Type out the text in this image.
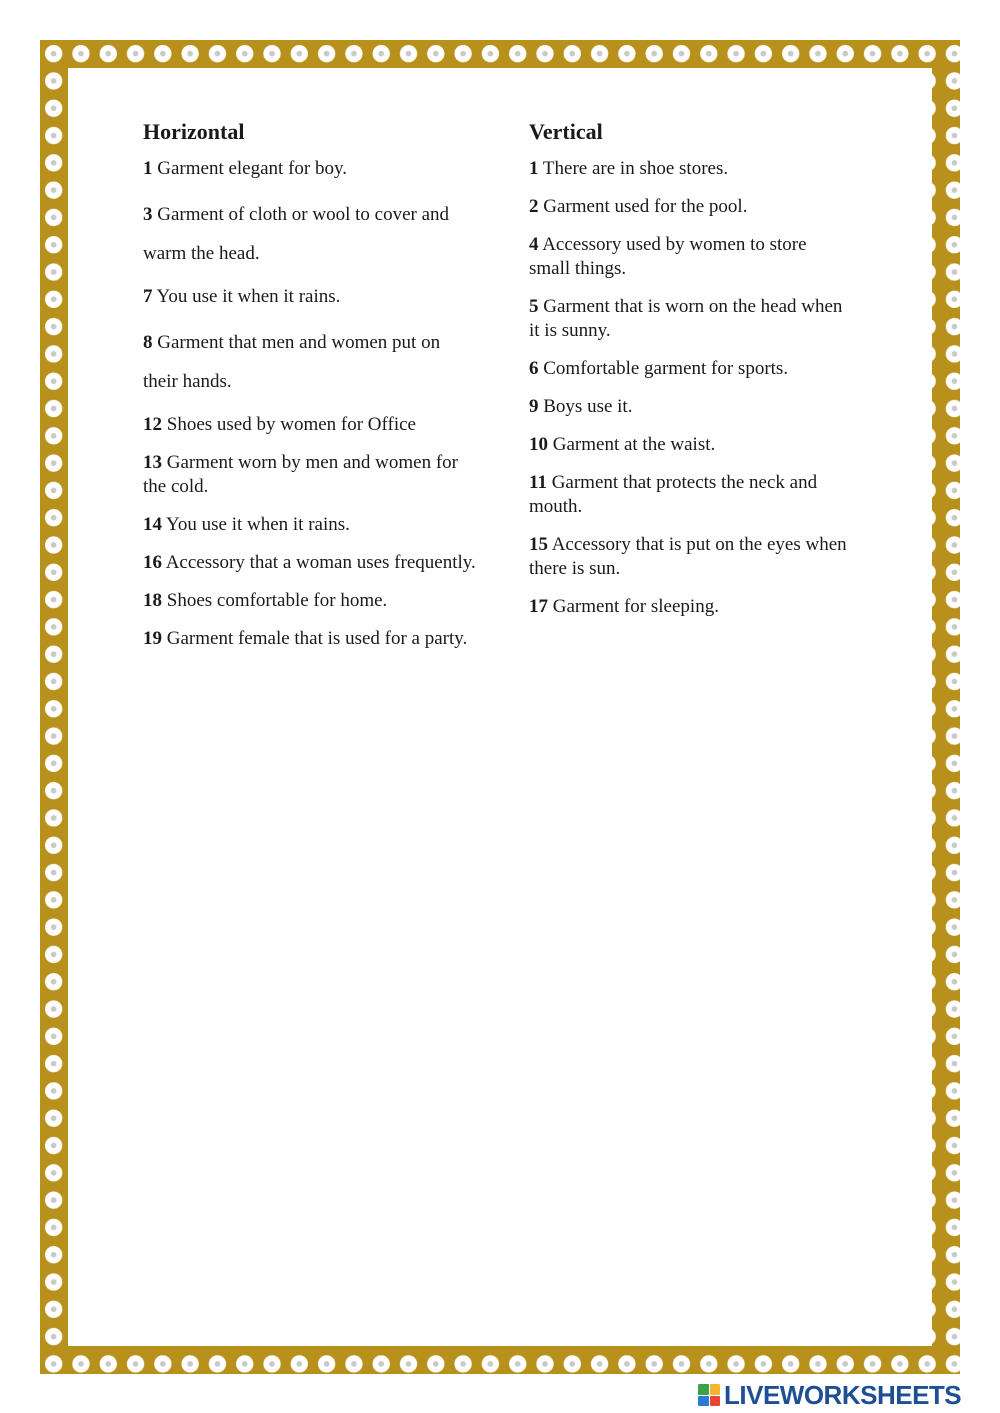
Horizontal
1 Garment elegant for boy.
3 Garment of cloth or wool to cover and warm the head.
7 You use it when it rains.
8 Garment that men and women put on their hands.
12 Shoes used by women for Office
13 Garment worn by men and women for the cold.
14 You use it when it rains.
16 Accessory that a woman uses frequently.
18 Shoes comfortable for home.
19 Garment female that is used for a party.
Vertical
1 There are in shoe stores.
2 Garment used for the pool.
4 Accessory used by women to store small things.
5 Garment that is worn on the head when it is sunny.
6 Comfortable garment for sports.
9 Boys use it.
10 Garment at the waist.
11 Garment that protects the neck and mouth.
15 Accessory that is put on the eyes when there is sun.
17 Garment for sleeping.
LIVEWORKSHEETS
